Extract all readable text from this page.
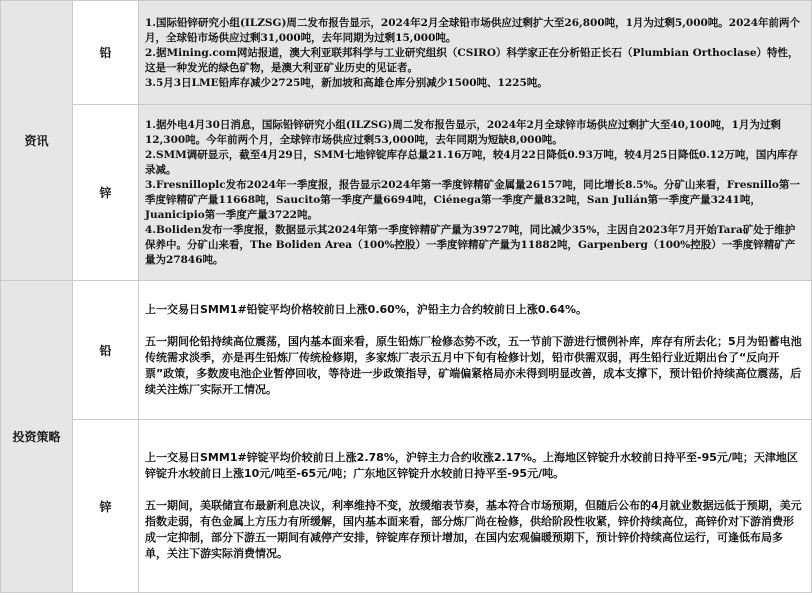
资讯	铅	1.国际铅锌研究小组(ILZSG)周二发布报告显示，2024年2月全球铅市场供应过剩扩大至26,800吨，1月为过剩5,000吨。2024年前两个月，全球铅市场供应过剩31,000吨，去年同期为过剩15,000吨。

2.据Mining.com网站报道，澳大利亚联邦科学与工业研究组织（CSIRO）科学家正在分析铅正长石（Plumbian Orthoclase）特性，这是一种发光的绿色矿物，是澳大利亚矿业历史的见证者。

3.5月3日LME铅库存减少2725吨，新加坡和高雄仓库分别减少1500吨、1225吨。

	锌	1.据外电4月30日消息，国际铅锌研究小组(ILZSG)周二发布报告显示，2024年2月全球锌市场供应过剩扩大至40,100吨，1月为过剩12,300吨。今年前两个月，全球锌市场供应过剩53,000吨，去年同期为短缺8,000吨。

2.SMM调研显示，截至4月29日，SMM七地锌锭库存总量21.16万吨，较4月22日降低0.93万吨，较4月25日降低0.12万吨，国内库存录减。

3.Fresnilloplc发布2024年一季度报，报告显示2024年第一季度锌精矿金属量26157吨，同比增长8.5%。分矿山来看，Fresnillo第一季度锌精矿产量11668吨，Saucito第一季度产量6694吨，Ciénega第一季度产量832吨，San Julián第一季度产量3241吨，Juanicipio第一季度产量3722吨。

4.Boliden发布一季度报，数据显示其2024年第一季度锌精矿产量为39727吨，同比减少35%，主因自2023年7月开始Tara矿处于维护保养中。分矿山来看，The Boliden Area（100%控股）一季度锌精矿产量为11882吨，Garpenberg（100%控股）一季度锌精矿产量为27846吨。

投资策略	铅	上一交易日SMM1#铅锭平均价格较前日上涨0.60%，沪铅主力合约较前日上涨0.64%。

五一期间伦铅持续高位震荡，国内基本面来看，原生铅炼厂检修态势不改，五一节前下游进行惯例补库，库存有所去化；5月为铅蓄电池传统需求淡季，亦是再生铅炼厂传统检修期，多家炼厂表示五月中下旬有检修计划，铅市供需双弱，再生铅行业近期出台了“反向开票”政策，多数废电池企业暂停回收，等待进一步政策指导，矿端偏紧格局亦未得到明显改善，成本支撑下，预计铅价持续高位震荡，后续关注炼厂实际开工情况。

	锌	上一交易日SMM1#锌锭平均价较前日上涨2.78%，沪锌主力合约收涨2.17%。上海地区锌锭升水较前日持平至-95元/吨；天津地区锌锭升水较前日上涨10元/吨至-65元/吨；广东地区锌锭升水较前日持平至-95元/吨。

五一期间，美联储宣布最新利息决议，利率维持不变，放缓缩表节奏，基本符合市场预期，但随后公布的4月就业数据远低于预期，美元指数走弱，有色金属上方压力有所缓解，国内基本面来看，部分炼厂尚在检修，供给阶段性收紧，锌价持续高位，高锌价对下游消费形成一定抑制，部分下游五一期间有减停产安排，锌锭库存预计增加，在国内宏观偏暖预期下，预计锌价持续高位运行，可逢低布局多单，关注下游实际消费情况。
